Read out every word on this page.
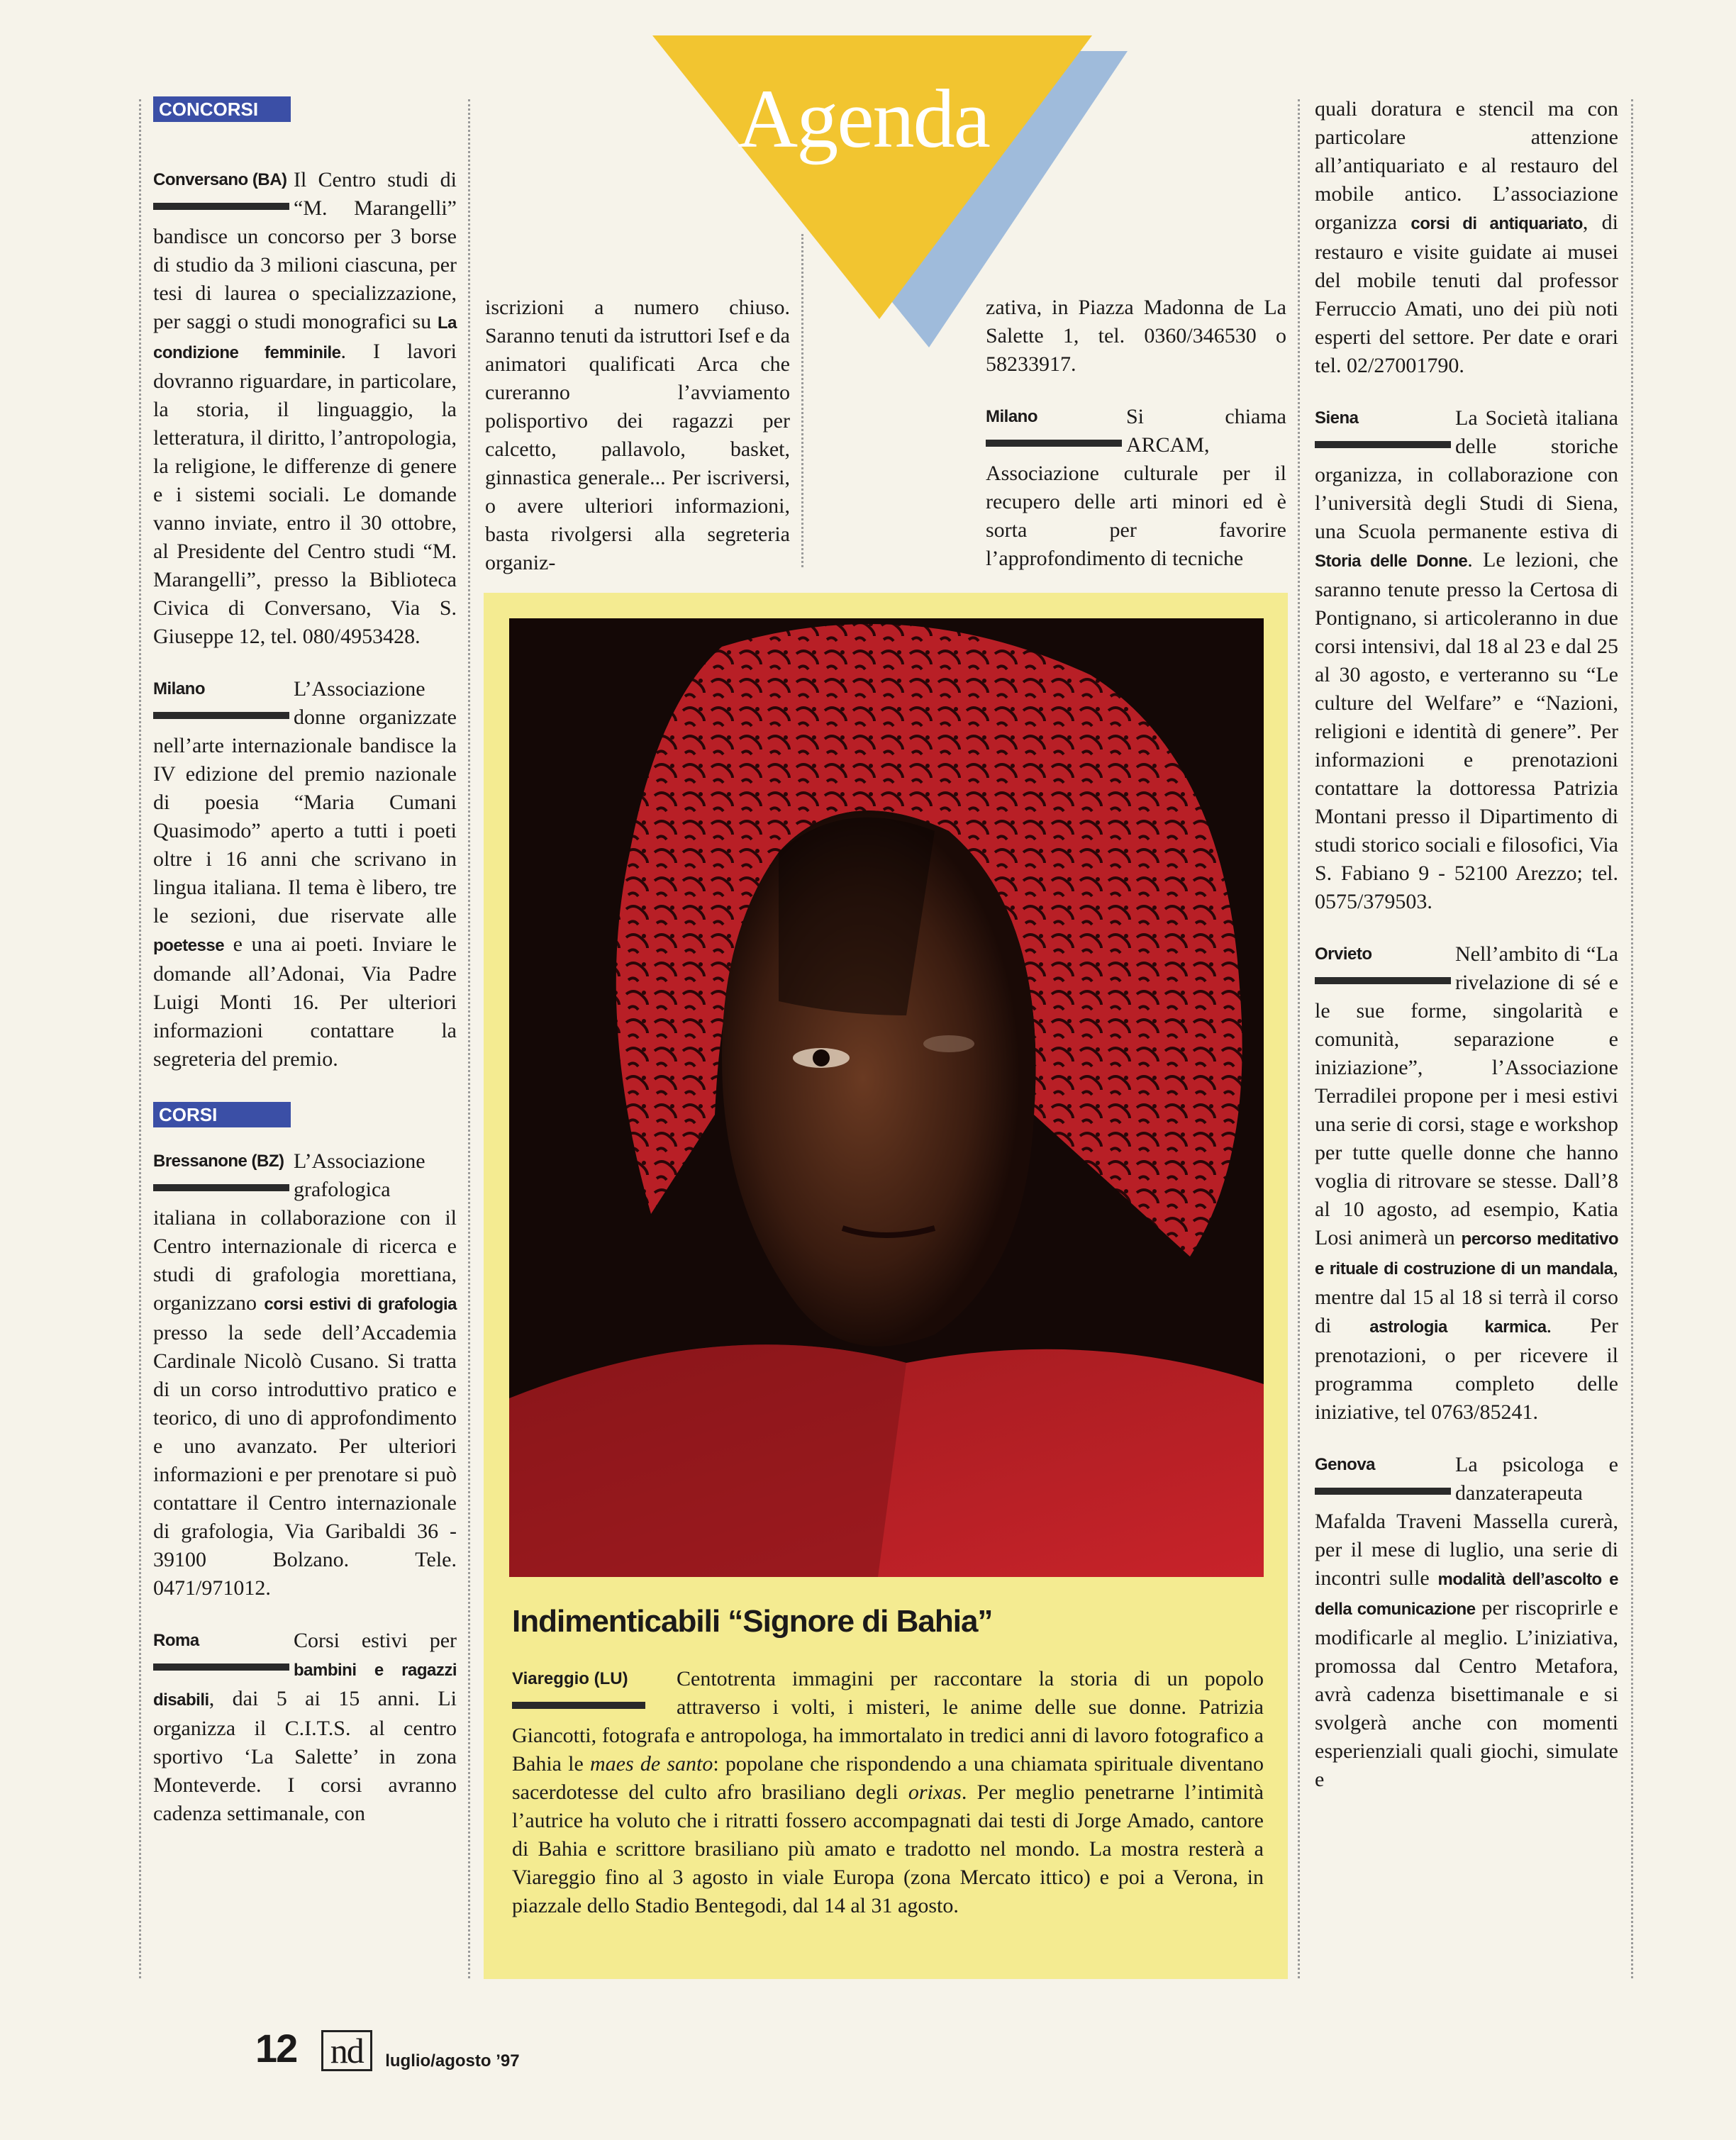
Agenda
CONCORSI
Conversano (BA) Il Centro studi di “M. Marangelli” bandisce un concorso per 3 borse di studio da 3 milioni ciascuna, per tesi di laurea o specializzazione, per saggi o studi monografici su La condizione femminile. I lavori dovranno riguardare, in particolare, la storia, il linguaggio, la letteratura, il diritto, l’antropologia, la religione, le differenze di genere e i sistemi sociali. Le domande vanno inviate, entro il 30 ottobre, al Presidente del Centro studi “M. Marangelli”, presso la Biblioteca Civica di Conversano, Via S. Giuseppe 12, tel. 080/4953428.

Milano	L’Associazione donne organizzate nell’arte internazionale bandisce la IV edizione del premio nazionale di poesia “Maria Cumani Quasimodo” aperto a tutti i poeti oltre i 16 anni che scrivano in lingua italiana. Il tema è libero, tre le sezioni, due riservate alle poetesse e una ai poeti. Inviare le domande all’Adonai, Via Padre Luigi Monti 16. Per ulteriori informazioni contattare la segreteria del premio.

CORSI
Bressanone (BZ) L’Associazione grafologica italiana in collaborazione con il Centro internazionale di ricerca e studi di grafologia morettiana, organizzano corsi estivi di grafologia presso la sede dell’Accademia Cardinale Nicolò Cusano. Si tratta di un corso introduttivo pratico e teorico, di uno di approfondimento e uno avanzato. Per ulteriori informazioni e per prenotare si può contattare il Centro internazionale di grafologia, Via Garibaldi 36 - 39100 Bolzano. Tele. 0471/971012.

Roma	Corsi estivi per bambini e ragazzi disabili, dai 5 ai 15 anni. Li organizza il C.I.T.S. al centro sportivo ‘La Salette’ in zona Monteverde. I corsi avranno cadenza settimanale, con

iscrizioni a numero chiuso. Saranno tenuti da istruttori Isef e da animatori qualificati Arca che cureranno l’avviamento polisportivo dei ragazzi per calcetto, pallavolo, basket, ginnastica generale... Per iscriversi, o avere ulteriori informazioni, basta rivolgersi alla segreteria organiz-

zativa, in Piazza Madonna de La Salette 1, tel. 0360/346530 o 58233917.

Milano	Si chiama ARCAM, Associazione culturale per il recupero delle arti minori ed è sorta per favorire l’approfondimento di tecniche

quali doratura e stencil ma con particolare attenzione all’antiquariato e al restauro del mobile antico. L’associazione organizza corsi di antiquariato, di restauro e visite guidate ai musei del mobile tenuti dal professor Ferruccio Amati, uno dei più noti esperti del settore. Per date e orari tel. 02/27001790.

Siena	La Società italiana delle storiche organizza, in collaborazione con l’università degli Studi di Siena, una Scuola permanente estiva di Storia delle Donne. Le lezioni, che saranno tenute presso la Certosa di Pontignano, si articoleranno in due corsi intensivi, dal 18 al 23 e dal 25 al 30 agosto, e verteranno su “Le culture del Welfare” e “Nazioni, religioni e identità di genere”. Per informazioni e prenotazioni contattare la dottoressa Patrizia Montani presso il Dipartimento di studi storico sociali e filosofici, Via S. Fabiano 9 - 52100 Arezzo; tel. 0575/379503.

Orvieto	Nell’ambito di “La rivelazione di sé e le sue forme, singolarità e comunità, separazione e iniziazione”, l’Associazione Terradilei propone per i mesi estivi una serie di corsi, stage e workshop per tutte quelle donne che hanno voglia di ritrovare se stesse. Dall’8 al 10 agosto, ad esempio, Katia Losi animerà un percorso meditativo e rituale di costruzione di un mandala, mentre dal 15 al 18 si terrà il corso di astrologia karmica. Per prenotazioni, o per ricevere il programma completo delle iniziative, tel 0763/85241.

Genova	La psicologa e danzaterapeuta Mafalda Traveni Massella curerà, per il mese di luglio, una serie di incontri sulle modalità dell’ascolto e della comunicazione per riscoprirle e modificarle al meglio. L’iniziativa, promossa dal Centro Metafora, avrà cadenza bisettimanale e si svolgerà anche con momenti esperienziali quali giochi, simulate e

Indimenticabili “Signore di Bahia”
Viareggio (LU)	Centotrenta immagini per raccontare la storia di un popolo attraverso i volti, i misteri, le anime delle sue donne. Patrizia Giancotti, fotografa e antropologa, ha immortalato in tredici anni di lavoro fotografico a Bahia le maes de santo: popolane che rispondendo a una chiamata spirituale diventano sacerdotesse del culto afro brasiliano degli orixas. Per meglio penetrarne l’intimità l’autrice ha voluto che i ritratti fossero accompagnati dai testi di Jorge Amado, cantore di Bahia e scrittore brasiliano più amato e tradotto nel mondo. La mostra resterà a Viareggio fino al 3 agosto in viale Europa (zona Mercato ittico) e poi a Verona, in piazzale dello Stadio Bentegodi, dal 14 al 31 agosto.

12 nd luglio/agosto ’97
